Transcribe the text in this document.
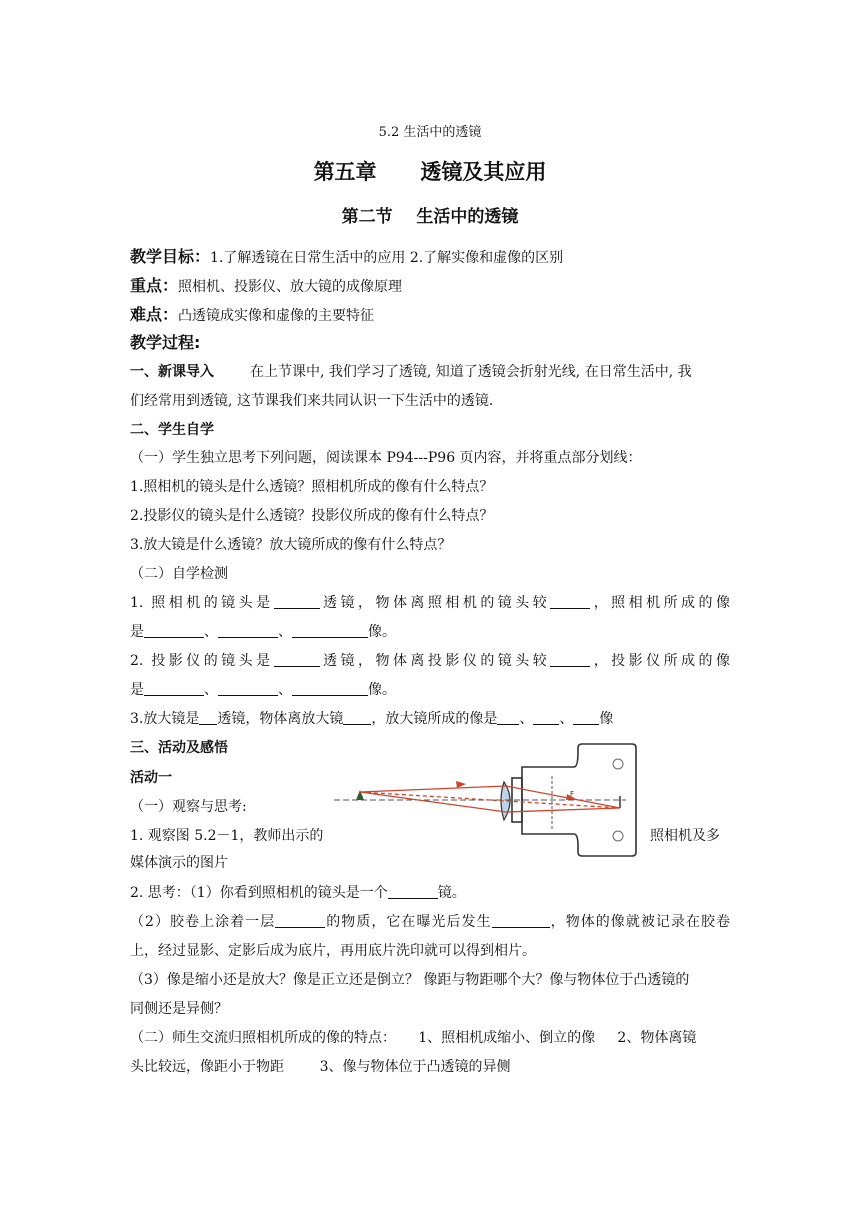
5.2 生活中的透镜
第五章      透镜及其应用
第二节    生活中的透镜
教学目标：1.了解透镜在日常生活中的应用 2.了解实像和虚像的区别
重点：照相机、投影仪、放大镜的成像原理
难点：凸透镜成实像和虚像的主要特征
教学过程:
一、新课导入	在上节课中, 我们学习了透镜, 知道了透镜会折射光线, 在日常生活中, 我
们经常用到透镜, 这节课我们来共同认识一下生活中的透镜.
二、学生自学
（一）学生独立思考下列问题，阅读课本 P94---P96 页内容，并将重点部分划线：
1.照相机的镜头是什么透镜？照相机所成的像有什么特点？
2.投影仪的镜头是什么透镜？投影仪所成的像有什么特点？
3.放大镜是什么透镜？放大镜所成的像有什么特点？
（二）自学检测
1. 照相机的镜头是	透镜，物体离照相机的镜头较	，照相机所成的像
是	、	、	像。
2. 投影仪的镜头是	透镜，物体离投影仪的镜头较	，投影仪所成的像
是	、	、	像。
3.放大镜是 透镜，物体离放大镜 ，放大镜所成的像是 、 、 像
三、活动及感悟
活动一
（一）观察与思考:
1. 观察图 5.2－1，教师出示的	照相机及多
媒体演示的图片
F
2. 思考：（1）你看到照相机的镜头是一个	镜。
（2）胶卷上涂着一层	的物质，它在曝光后发生	，物体的像就被记录在胶卷
上，经过显影、定影后成为底片，再用底片洗印就可以得到相片。
（3）像是缩小还是放大？像是正立还是倒立？ 像距与物距哪个大？像与物体位于凸透镜的
同侧还是异侧？
（二）师生交流归照相机所成的像的特点：     1、照相机成缩小、倒立的像     2、物体离镜
头比较远，像距小于物距        3、像与物体位于凸透镜的异侧
